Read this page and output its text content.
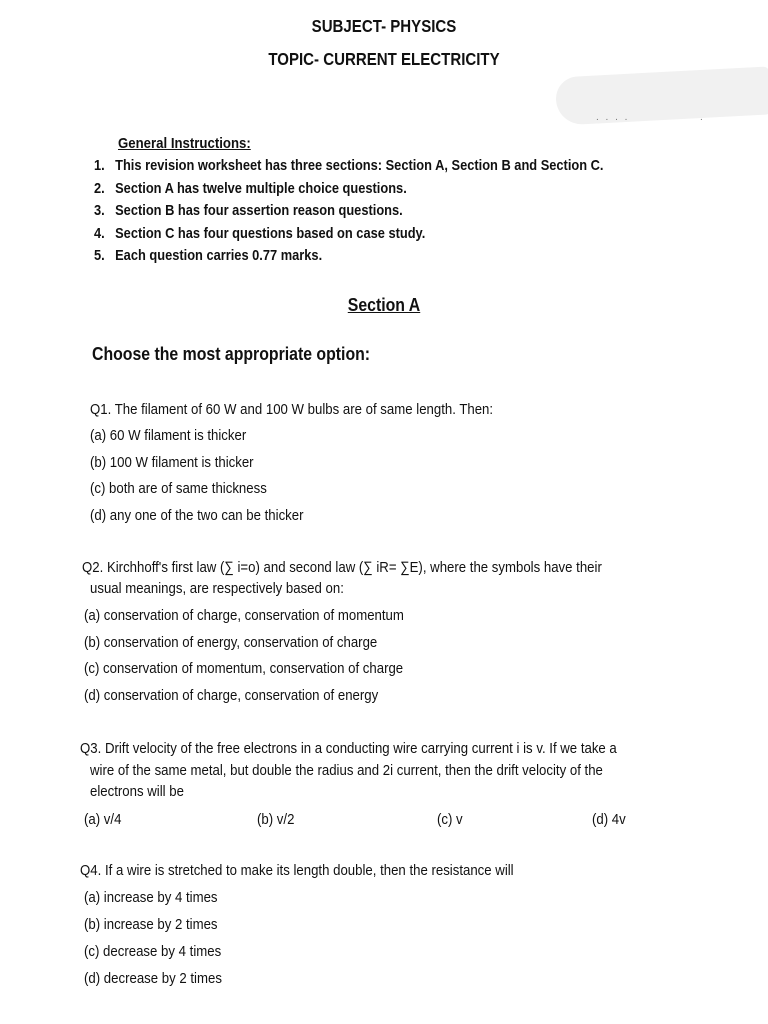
. . . .	.
SUBJECT- PHYSICS
TOPIC- CURRENT ELECTRICITY
General Instructions:
1. This revision worksheet has three sections: Section A, Section B and Section C.
2. Section A has twelve multiple choice questions.
3. Section B has four assertion reason questions.
4. Section C has four questions based on case study.
5. Each question carries 0.77 marks.
Section A
Choose the most appropriate option:
Q1. The filament of 60 W and 100 W bulbs are of same length. Then:
(a) 60 W filament is thicker
(b) 100 W filament is thicker
(c) both are of same thickness
(d) any one of the two can be thicker
Q2. Kirchhoff's first law (∑ i=o) and second law (∑ iR= ∑E), where the symbols have their
usual meanings, are respectively based on:
(a) conservation of charge, conservation of momentum
(b) conservation of energy, conservation of charge
(c) conservation of momentum, conservation of charge
(d) conservation of charge, conservation of energy
Q3. Drift velocity of the free electrons in a conducting wire carrying current i is v. If we take a
wire of the same metal, but double the radius and 2i current, then the drift velocity of the
electrons will be
(a) v/4	(b) v/2	(c) v	(d) 4v
Q4. If a wire is stretched to make its length double, then the resistance will
(a) increase by 4 times
(b) increase by 2 times
(c) decrease by 4 times
(d) decrease by 2 times
